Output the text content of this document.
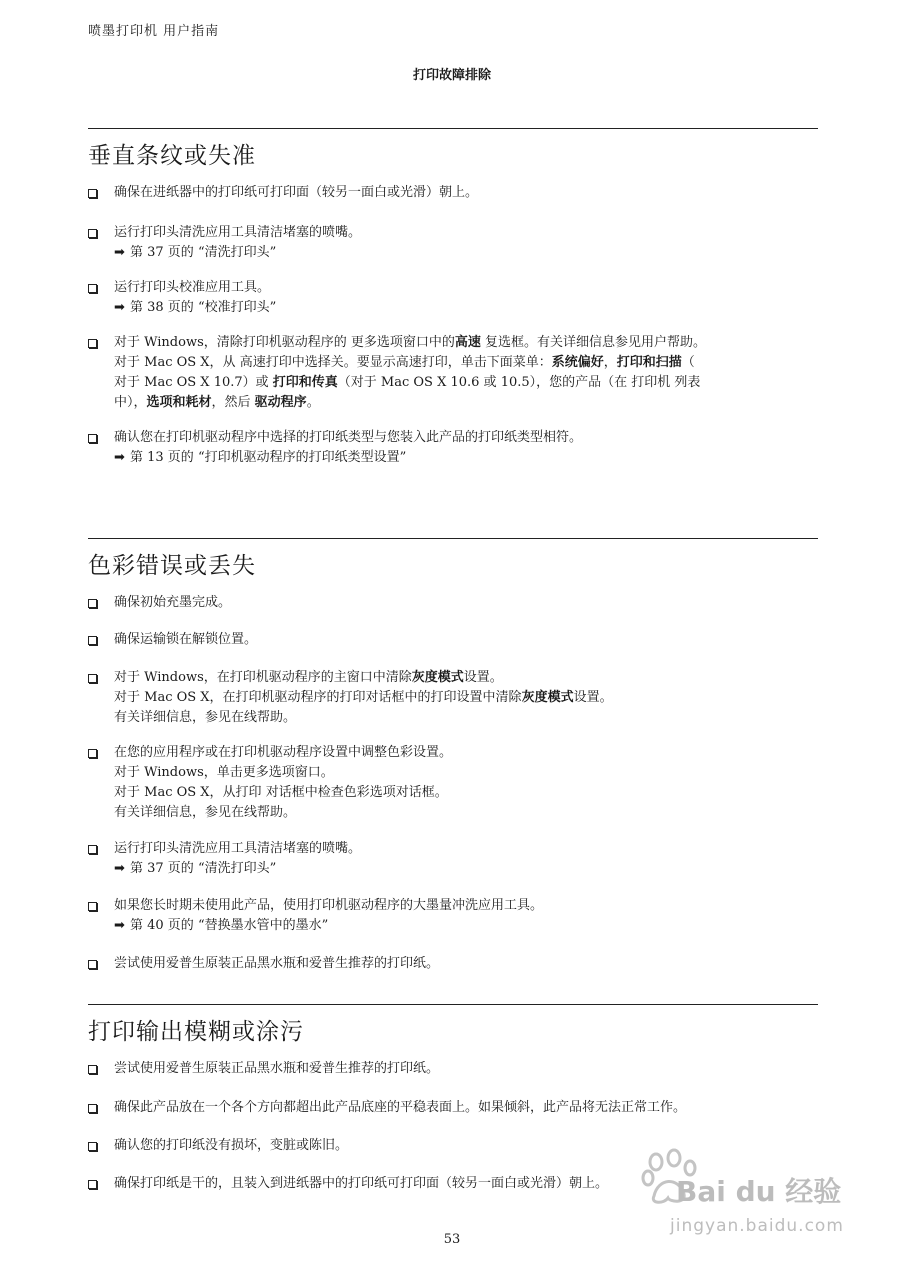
喷墨打印机 用户指南
打印故障排除
垂直条纹或失准
确保在进纸器中的打印纸可打印面（较另一面白或光滑）朝上。
运行打印头清洗应用工具清洁堵塞的喷嘴。
➡ 第 37 页的 “清洗打印头”
运行打印头校准应用工具。
➡ 第 38 页的 “校准打印头”
对于 Windows，清除打印机驱动程序的 更多选项窗口中的高速 复选框。有关详细信息参见用户帮助。
对于 Mac OS X，从 高速打印中选择关。要显示高速打印，单击下面菜单：系统偏好，打印和扫描（
对于 Mac OS X 10.7）或 打印和传真（对于 Mac OS X 10.6 或 10.5），您的产品（在 打印机 列表
中），选项和耗材，然后 驱动程序。
确认您在打印机驱动程序中选择的打印纸类型与您装入此产品的打印纸类型相符。
➡ 第 13 页的 “打印机驱动程序的打印纸类型设置”
色彩错误或丢失
确保初始充墨完成。
确保运输锁在解锁位置。
对于 Windows，在打印机驱动程序的主窗口中清除灰度模式设置。
对于 Mac OS X，在打印机驱动程序的打印对话框中的打印设置中清除灰度模式设置。
有关详细信息，参见在线帮助。
在您的应用程序或在打印机驱动程序设置中调整色彩设置。
对于 Windows，单击更多选项窗口。
对于 Mac OS X，从打印 对话框中检查色彩选项对话框。
有关详细信息，参见在线帮助。
运行打印头清洗应用工具清洁堵塞的喷嘴。
➡ 第 37 页的 “清洗打印头”
如果您长时期未使用此产品，使用打印机驱动程序的大墨量冲洗应用工具。
➡ 第 40 页的 “替换墨水管中的墨水”
尝试使用爱普生原装正品黑水瓶和爱普生推荐的打印纸。
打印输出模糊或涂污
尝试使用爱普生原装正品黑水瓶和爱普生推荐的打印纸。
确保此产品放在一个各个方向都超出此产品底座的平稳表面上。如果倾斜，此产品将无法正常工作。
确认您的打印纸没有损坏，变脏或陈旧。
确保打印纸是干的，且装入到进纸器中的打印纸可打印面（较另一面白或光滑）朝上。	Bai du 经验
jingyan.baidu.com
53
